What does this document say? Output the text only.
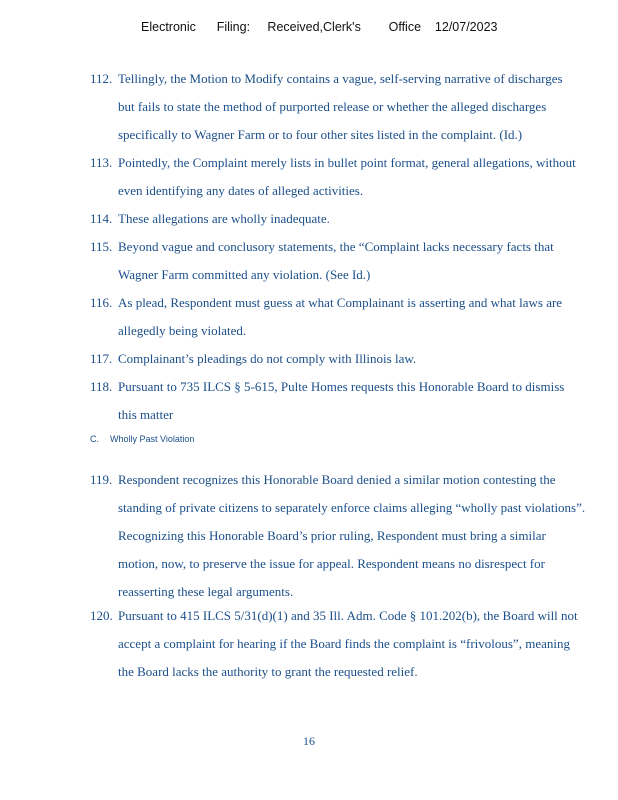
Electronic      Filing:     Received,Clerk's        Office    12/07/2023
112. Tellingly, the Motion to Modify contains a vague, self-serving narrative of discharges
but fails to state the method of purported release or whether the alleged discharges
specifically to Wagner Farm or to four other sites listed in the complaint. (Id.)
113. Pointedly, the Complaint merely lists in bullet point format, general allegations, without
even identifying any dates of alleged activities.
114. These allegations are wholly inadequate.
115. Beyond vague and conclusory statements, the “Complaint lacks necessary facts that
Wagner Farm committed any violation. (See Id.)
116. As plead, Respondent must guess at what Complainant is asserting and what laws are
allegedly being violated.
117. Complainant’s pleadings do not comply with Illinois law.
118. Pursuant to 735 ILCS § 5-615, Pulte Homes requests this Honorable Board to dismiss
this matter
C. Wholly Past Violation
119. Respondent recognizes this Honorable Board denied a similar motion contesting the
standing of private citizens to separately enforce claims alleging “wholly past violations”.
Recognizing this Honorable Board’s prior ruling, Respondent must bring a similar
motion, now, to preserve the issue for appeal. Respondent means no disrespect for
reasserting these legal arguments.
120. Pursuant to 415 ILCS 5/31(d)(1) and 35 Ill. Adm. Code § 101.202(b), the Board will not
accept a complaint for hearing if the Board finds the complaint is “frivolous”, meaning
the Board lacks the authority to grant the requested relief.
16
